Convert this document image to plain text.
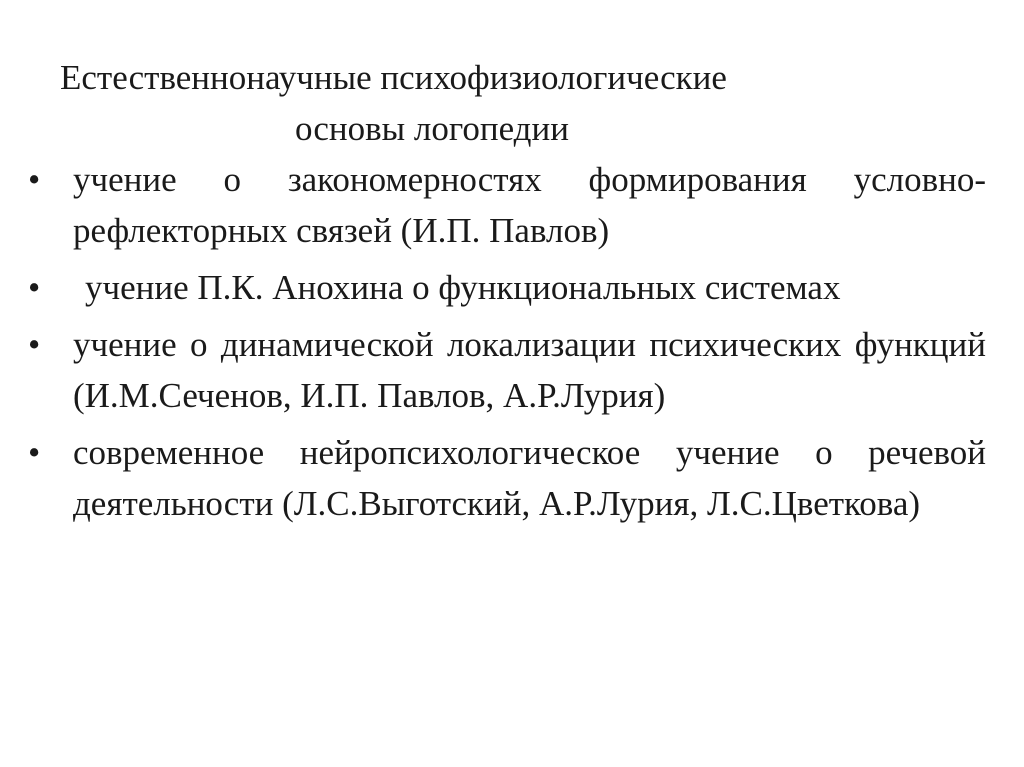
Естественнонаучные психофизиологические
основы логопедии
• учение о закономерностях формирования условно-рефлекторных связей (И.П. Павлов)
•	учение П.К. Анохина о функциональных системах
• учение о динамической локализации психических функций (И.М.Сеченов, И.П. Павлов, А.Р.Лурия)
• современное нейропсихологическое учение о речевой деятельности (Л.С.Выготский, А.Р.Лурия, Л.С.Цветкова)
